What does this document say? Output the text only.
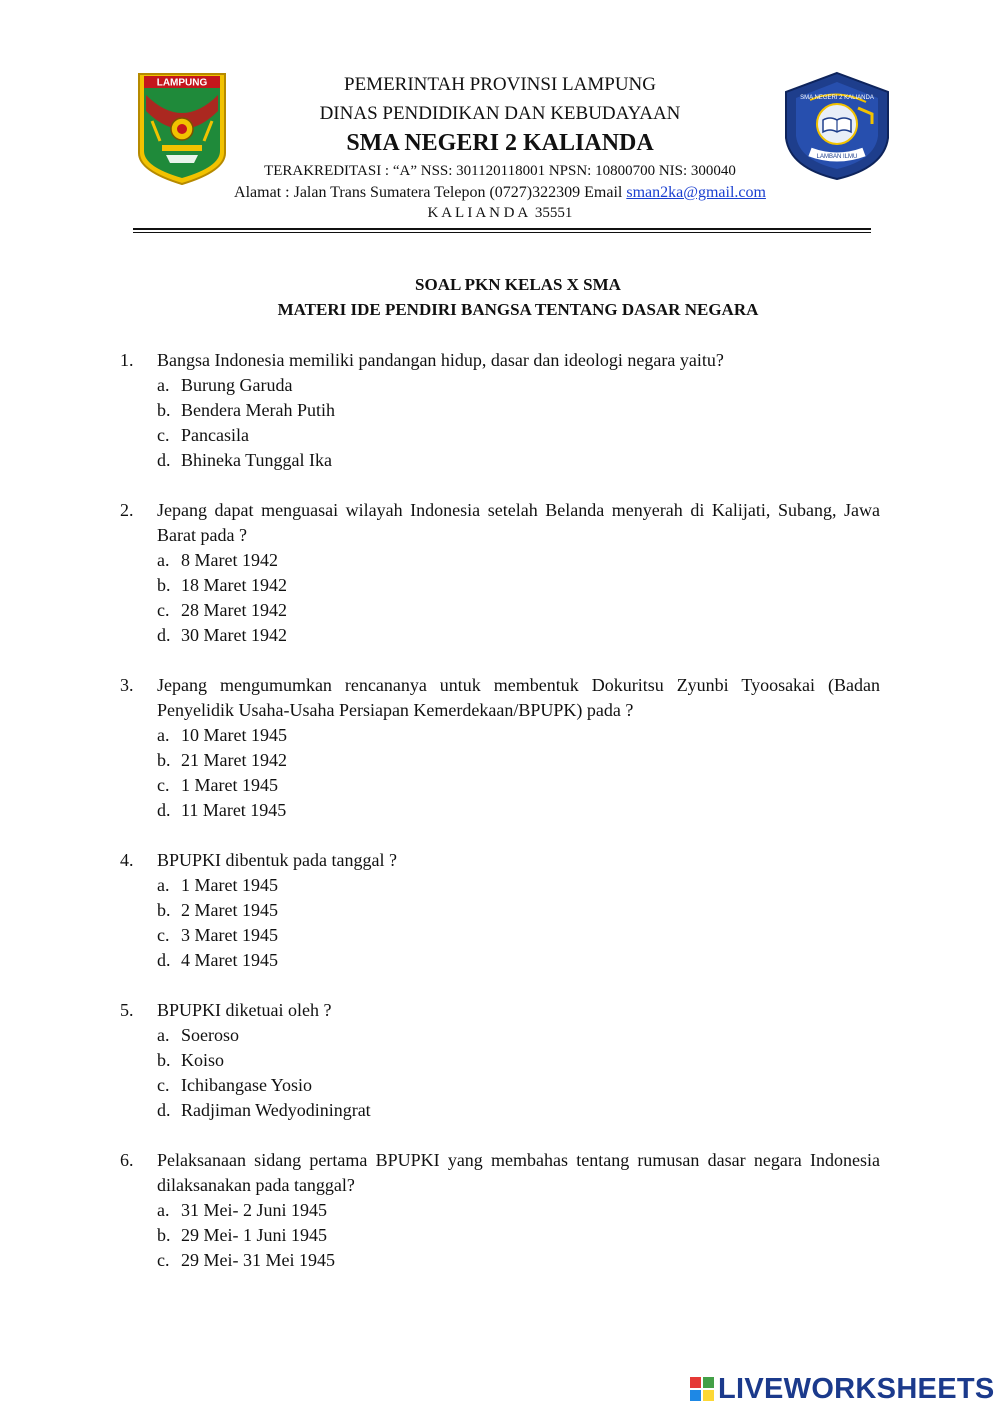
LAMPUNG
SMA NEGERI 2 KALIANDA
LAMBAN ILMU
PEMERINTAH PROVINSI LAMPUNG
DINAS PENDIDIKAN DAN KEBUDAYAAN
SMA NEGERI 2 KALIANDA
TERAKREDITASI : “A” NSS: 301120118001 NPSN: 10800700 NIS: 300040
Alamat : Jalan Trans Sumatera Telepon (0727)322309 Email sman2ka@gmail.com
K A L I A N D A  35551
SOAL PKN KELAS X SMA
MATERI IDE PENDIRI BANGSA TENTANG DASAR NEGARA
1.	Bangsa Indonesia memiliki pandangan hidup, dasar dan ideologi negara yaitu?
a. Burung Garuda
b. Bendera Merah Putih
c. Pancasila
d. Bhineka Tunggal Ika
2.	Jepang dapat menguasai wilayah Indonesia setelah Belanda menyerah di Kalijati, Subang, Jawa Barat pada ?
a. 8 Maret 1942
b. 18 Maret 1942
c. 28 Maret 1942
d. 30 Maret 1942
3.	Jepang mengumumkan rencananya untuk membentuk Dokuritsu Zyunbi Tyoosakai (Badan Penyelidik Usaha-Usaha Persiapan Kemerdekaan/BPUPK) pada ?
a. 10 Maret 1945
b. 21 Maret 1942
c. 1 Maret 1945
d. 11 Maret 1945
4.	BPUPKI dibentuk pada tanggal ?
a. 1 Maret 1945
b. 2 Maret 1945
c. 3 Maret 1945
d. 4 Maret 1945
5.	BPUPKI diketuai oleh ?
a. Soeroso
b. Koiso
c. Ichibangase Yosio
d. Radjiman Wedyodiningrat
6.	Pelaksanaan sidang pertama BPUPKI yang membahas tentang rumusan dasar negara Indonesia dilaksanakan pada tanggal?
a. 31 Mei- 2 Juni 1945
b. 29 Mei- 1 Juni 1945
c. 29 Mei- 31 Mei 1945
LIVEWORKSHEETS
